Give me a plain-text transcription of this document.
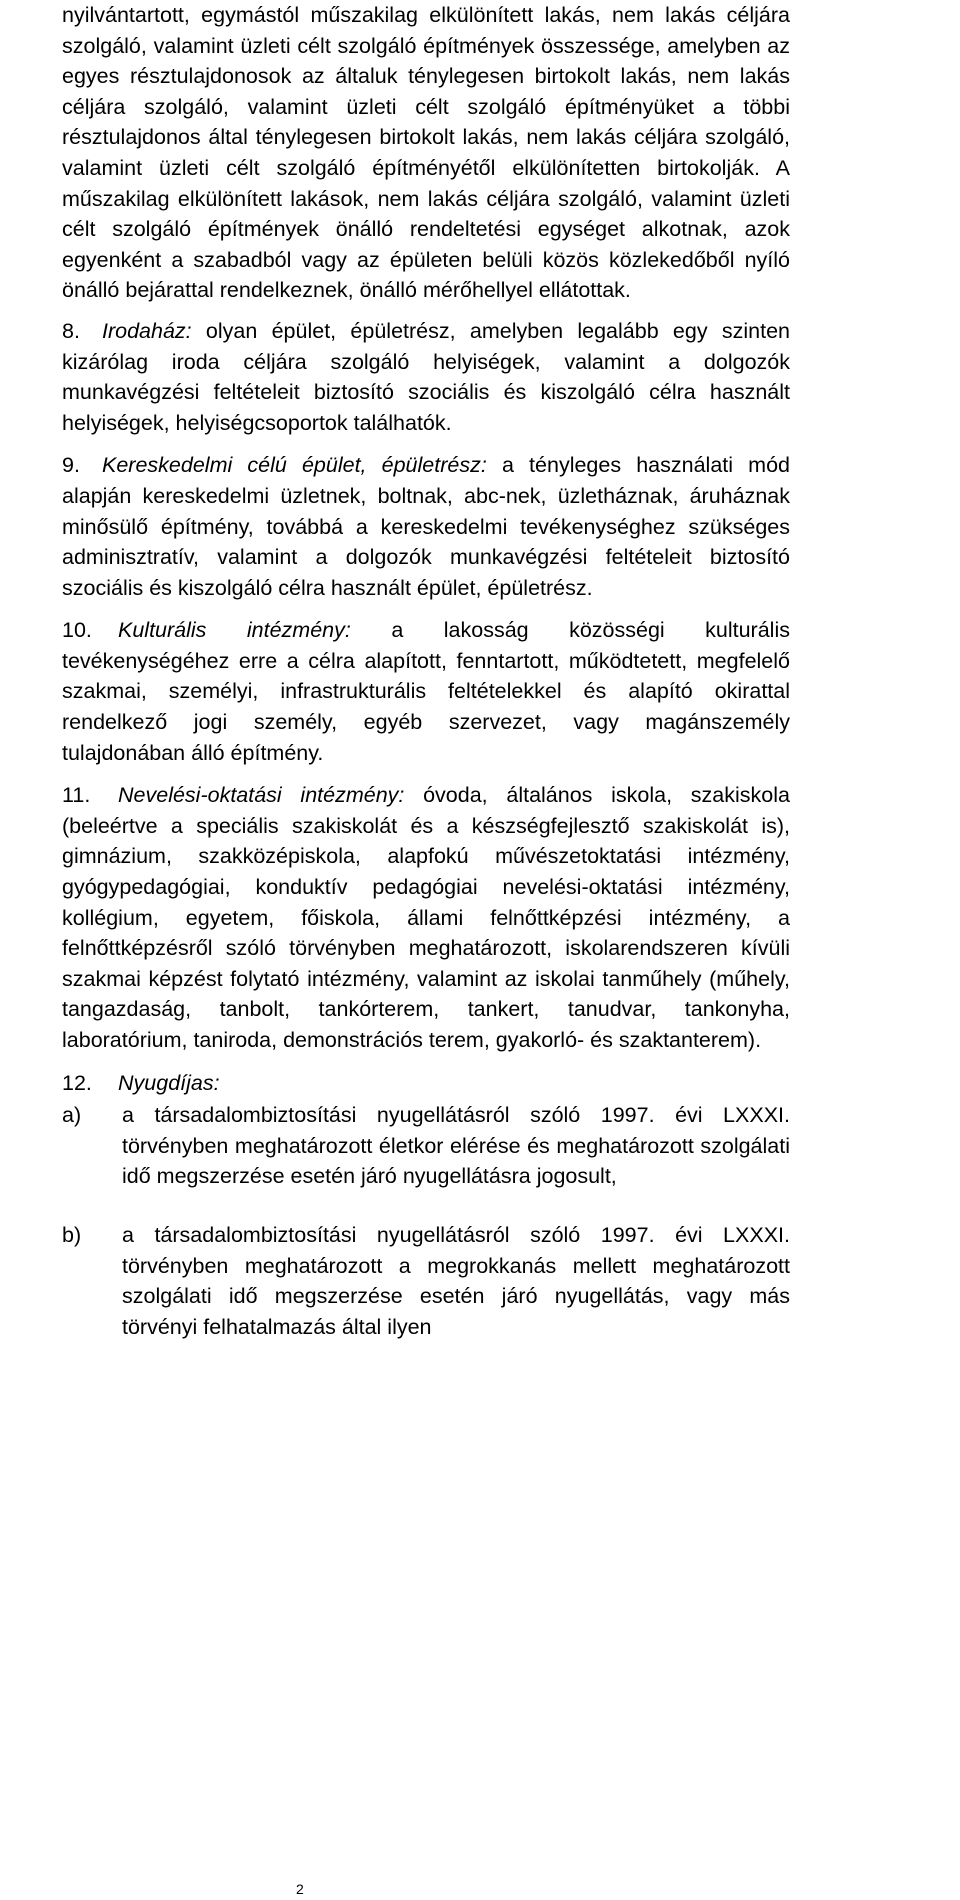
nyilvántartott, egymástól műszakilag elkülönített lakás, nem lakás céljára szolgáló, valamint üzleti célt szolgáló építmények összessége, amelyben az egyes résztulajdonosok az általuk ténylegesen birtokolt lakás, nem lakás céljára szolgáló, valamint üzleti célt szolgáló építményüket a többi résztulajdonos által ténylegesen birtokolt lakás, nem lakás céljára szolgáló, valamint üzleti célt szolgáló építményétől elkülönítetten birtokolják. A műszakilag elkülönített lakások, nem lakás céljára szolgáló, valamint üzleti célt szolgáló építmények önálló rendeltetési egységet alkotnak, azok egyenként a szabadból vagy az épületen belüli közös közlekedőből nyíló önálló bejárattal rendelkeznek, önálló mérőhellyel ellátottak.

8.	Irodaház: olyan épület, épületrész, amelyben legalább egy szinten kizárólag iroda céljára szolgáló helyiségek, valamint a dolgozók munkavégzési feltételeit biztosító szociális és kiszolgáló célra használt helyiségek, helyiségcsoportok találhatók.

9.	Kereskedelmi célú épület, épületrész: a tényleges használati mód alapján kereskedelmi üzletnek, boltnak, abc-nek, üzletháznak, áruháznak minősülő építmény, továbbá a kereskedelmi tevékenységhez szükséges adminisztratív, valamint a dolgozók munkavégzési feltételeit biztosító szociális és kiszolgáló célra használt épület, épületrész.

10.	Kulturális intézmény: a lakosság közösségi kulturális tevékenységéhez erre a célra alapított, fenntartott, működtetett, megfelelő szakmai, személyi, infrastrukturális feltételekkel és alapító okirattal rendelkező jogi személy, egyéb szervezet, vagy magánszemély tulajdonában álló építmény.

11.	Nevelési-oktatási intézmény: óvoda, általános iskola, szakiskola (beleértve a speciális szakiskolát és a készségfejlesztő szakiskolát is), gimnázium, szakközépiskola, alapfokú művészetoktatási intézmény, gyógypedagógiai, konduktív pedagógiai nevelési-oktatási intézmény, kollégium, egyetem, főiskola, állami felnőttképzési intézmény, a felnőttképzésről szóló törvényben meghatározott, iskolarendszeren kívüli szakmai képzést folytató intézmény, valamint az iskolai tanműhely (műhely, tangazdaság, tanbolt, tankórterem, tankert, tanudvar, tankonyha, laboratórium, taniroda, demonstrációs terem, gyakorló- és szaktanterem).

12.	Nyugdíjas:

a)	a társadalombiztosítási nyugellátásról szóló 1997. évi LXXXI. törvényben meghatározott életkor elérése és meghatározott szolgálati idő megszerzése esetén járó nyugellátásra jogosult,

b)	a társadalombiztosítási nyugellátásról szóló 1997. évi LXXXI. törvényben meghatározott a megrokkanás mellett meghatározott szolgálati idő megszerzése esetén járó nyugellátás, vagy más törvényi felhatalmazás által ilyen

2
